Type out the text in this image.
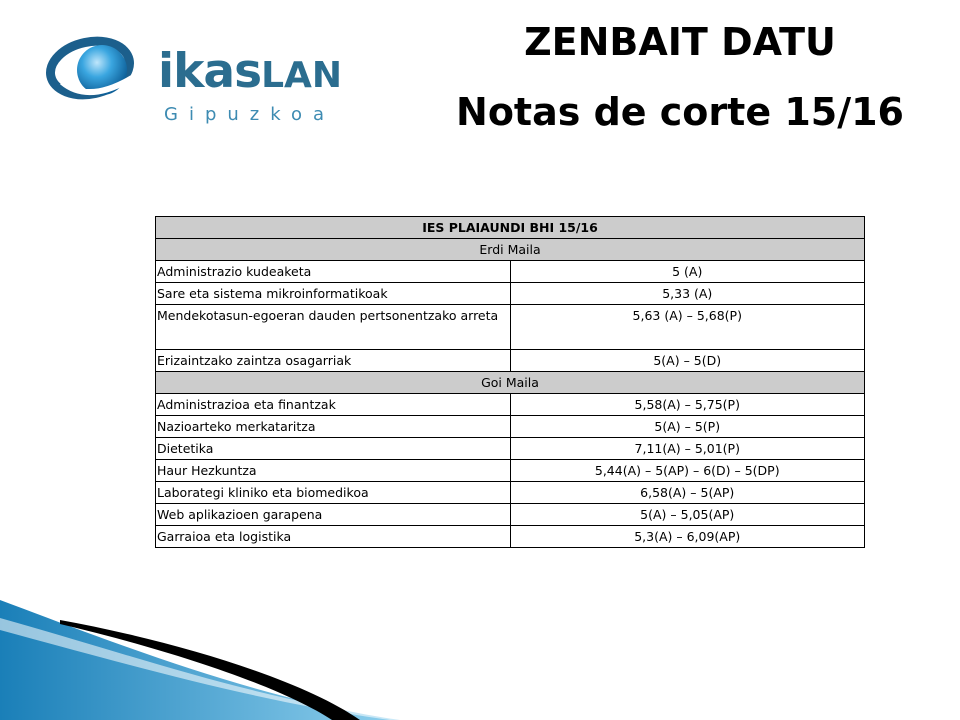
ikasLAN
Gipuzkoa
ZENBAIT DATU
Notas de corte 15/16
IES PLAIAUNDI BHI 15/16	
Erdi Maila	
Administrazio kudeaketa	5 (A)
Sare eta sistema mikroinformatikoak	5,33 (A)
Mendekotasun-egoeran dauden pertsonentzako arreta	5,63 (A) – 5,68(P)
Erizaintzako zaintza osagarriak	5(A) – 5(D)
Goi Maila	
Administrazioa eta finantzak	5,58(A) – 5,75(P)
Nazioarteko merkataritza	5(A) – 5(P)
Dietetika	7,11(A) – 5,01(P)
Haur Hezkuntza	5,44(A) – 5(AP) – 6(D) – 5(DP)
Laborategi kliniko eta biomedikoa	6,58(A) – 5(AP)
Web aplikazioen garapena	5(A) – 5,05(AP)
Garraioa eta logistika	5,3(A) – 6,09(AP)
